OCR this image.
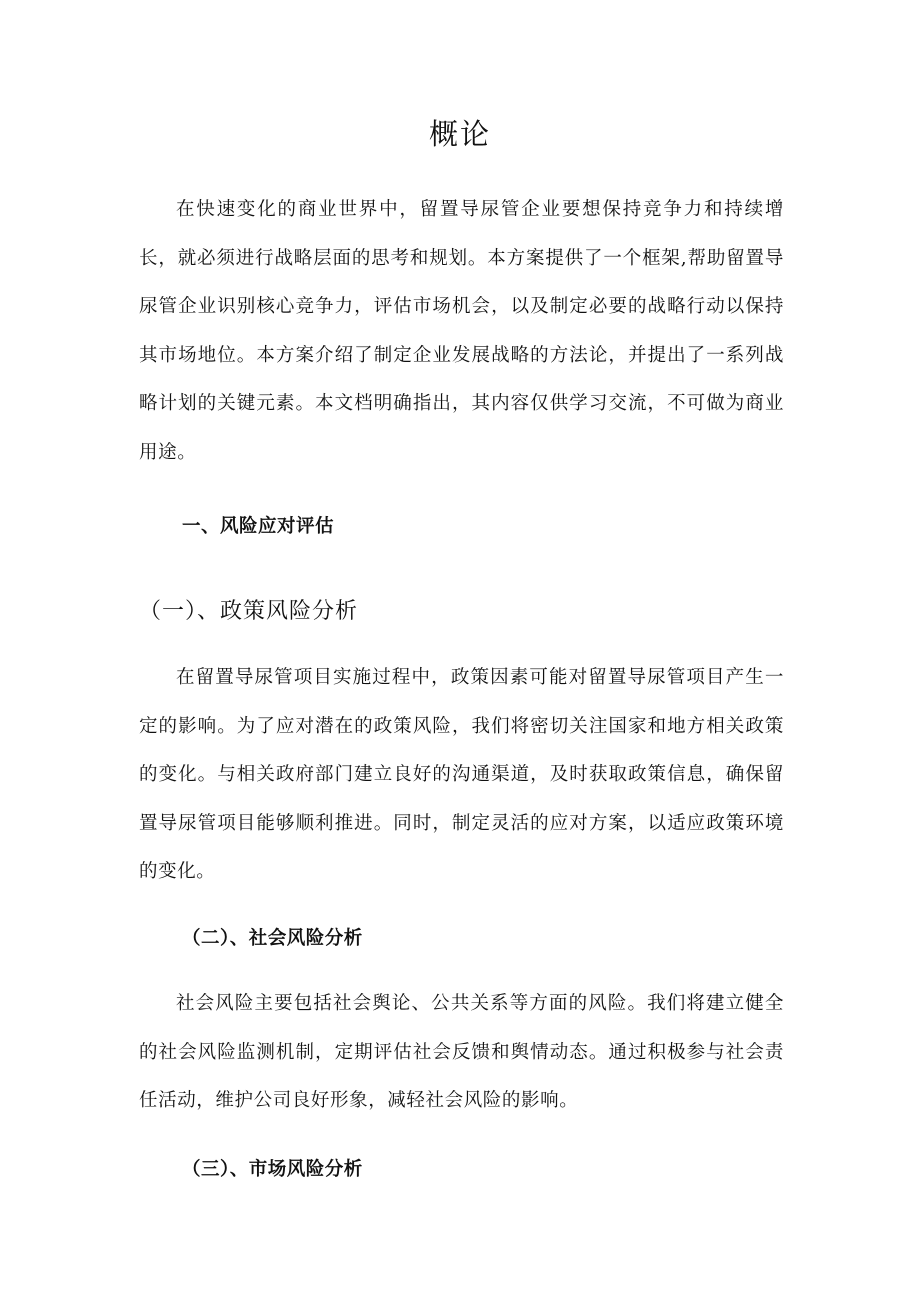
概论

在快速变化的商业世界中，留置导尿管企业要想保持竞争力和持续增长，就必须进行战略层面的思考和规划。本方案提供了一个框架,帮助留置导尿管企业识别核心竞争力，评估市场机会，以及制定必要的战略行动以保持其市场地位。本方案介绍了制定企业发展战略的方法论，并提出了一系列战略计划的关键元素。本文档明确指出，其内容仅供学习交流，不可做为商业用途。

一、风险应对评估
（一）、政策风险分析

在留置导尿管项目实施过程中，政策因素可能对留置导尿管项目产生一定的影响。为了应对潜在的政策风险，我们将密切关注国家和地方相关政策的变化。与相关政府部门建立良好的沟通渠道，及时获取政策信息，确保留置导尿管项目能够顺利推进。同时，制定灵活的应对方案，以适应政策环境的变化。

（二）、社会风险分析

社会风险主要包括社会舆论、公共关系等方面的风险。我们将建立健全的社会风险监测机制，定期评估社会反馈和舆情动态。通过积极参与社会责任活动，维护公司良好形象，减轻社会风险的影响。

（三）、市场风险分析
